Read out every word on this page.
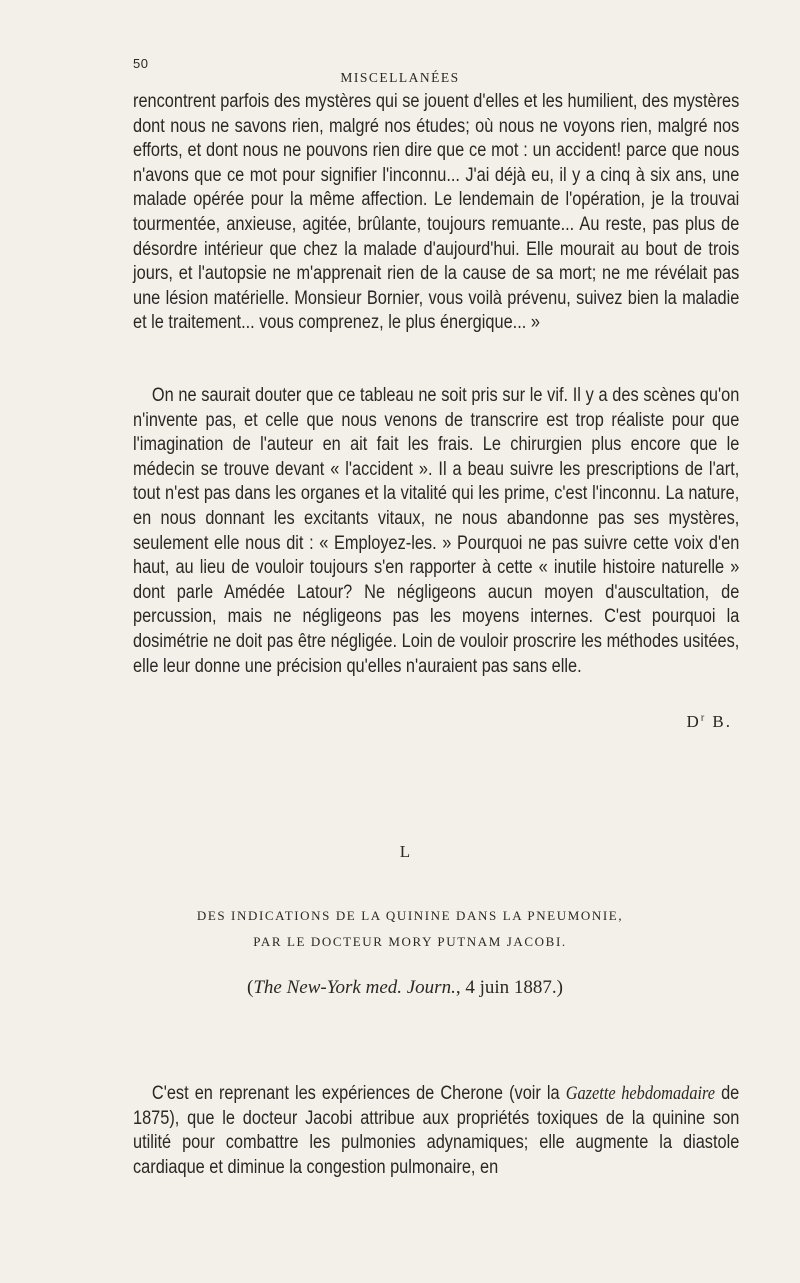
50
MISCELLANÉES

rencontrent parfois des mystères qui se jouent d'elles et les humilient, des mystères dont nous ne savons rien, malgré nos études; où nous ne voyons rien, malgré nos efforts, et dont nous ne pouvons rien dire que ce mot : un accident! parce que nous n'avons que ce mot pour signifier l'inconnu... J'ai déjà eu, il y a cinq à six ans, une malade opérée pour la même affection. Le lendemain de l'opération, je la trouvai tourmentée, anxieuse, agitée, brûlante, toujours remuante... Au reste, pas plus de désordre intérieur que chez la malade d'aujourd'hui. Elle mourait au bout de trois jours, et l'autopsie ne m'apprenait rien de la cause de sa mort; ne me révélait pas une lésion matérielle. Monsieur Bornier, vous voilà prévenu, suivez bien la maladie et le traitement... vous comprenez, le plus énergique... »

On ne saurait douter que ce tableau ne soit pris sur le vif. Il y a des scènes qu'on n'invente pas, et celle que nous venons de transcrire est trop réaliste pour que l'imagination de l'auteur en ait fait les frais. Le chirurgien plus encore que le médecin se trouve devant « l'accident ». Il a beau suivre les prescriptions de l'art, tout n'est pas dans les organes et la vitalité qui les prime, c'est l'inconnu. La nature, en nous donnant les excitants vitaux, ne nous abandonne pas ses mystères, seulement elle nous dit : « Employez-les. » Pourquoi ne pas suivre cette voix d'en haut, au lieu de vouloir toujours s'en rapporter à cette « inutile histoire naturelle » dont parle Amédée Latour? Ne négligeons aucun moyen d'auscultation, de percussion, mais ne négligeons pas les moyens internes. C'est pourquoi la dosimétrie ne doit pas être négligée. Loin de vouloir proscrire les méthodes usitées, elle leur donne une précision qu'elles n'auraient pas sans elle.

$D^r$ B.
L
DES INDICATIONS DE LA QUININE DANS LA PNEUMONIE,
PAR LE DOCTEUR MORY PUTNAM JACOBI.
(The New-York med. Journ., 4 juin 1887.)

C'est en reprenant les expériences de Cherone (voir la Gazette hebdomadaire de 1875), que le docteur Jacobi attribue aux propriétés toxiques de la quinine son utilité pour combattre les pulmonies adynamiques; elle augmente la diastole cardiaque et diminue la congestion pulmonaire, en
